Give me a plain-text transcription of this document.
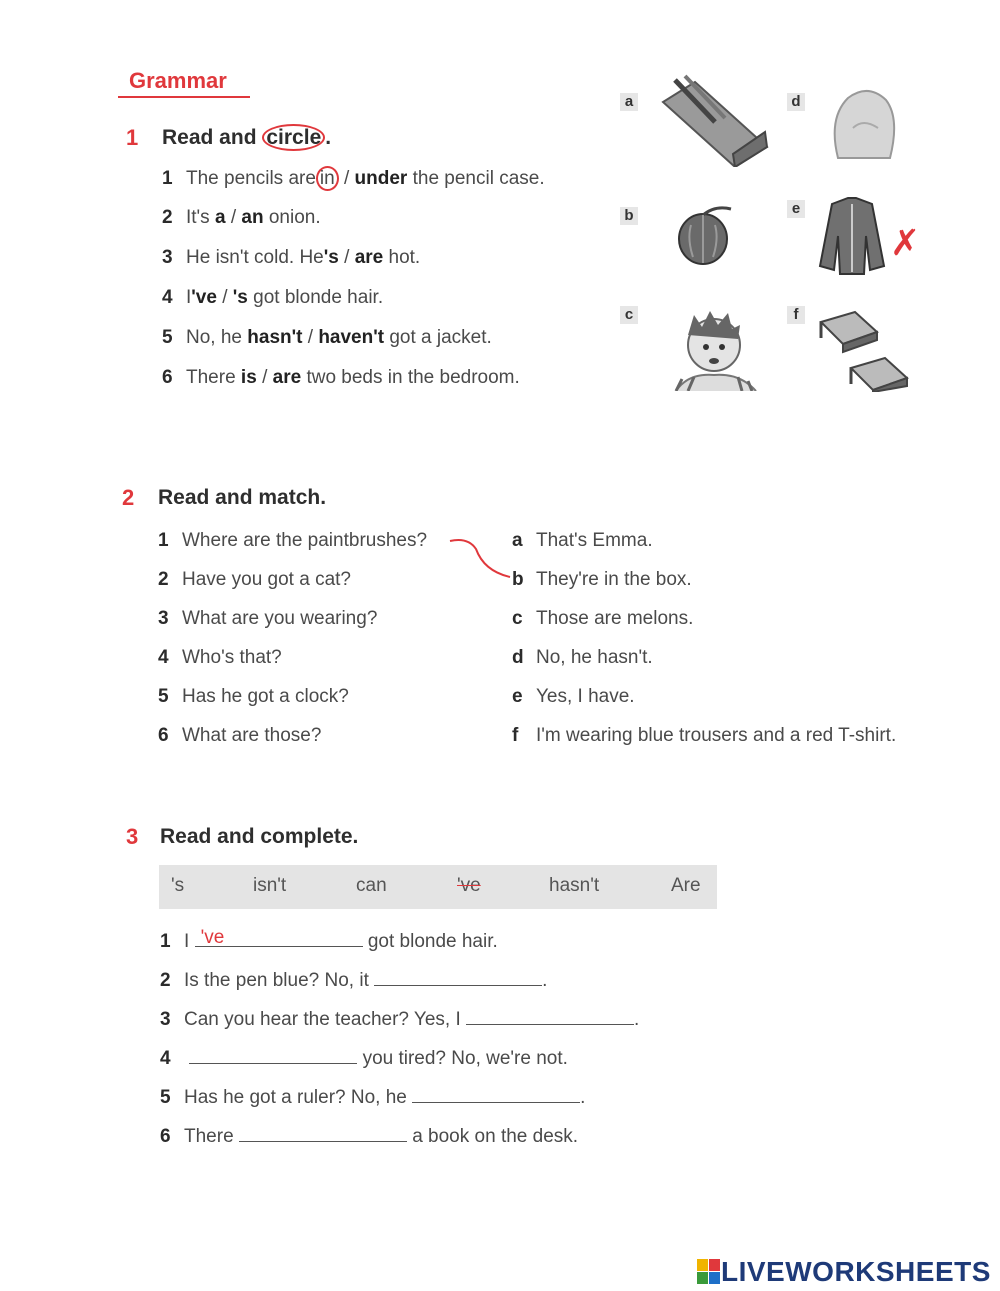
Grammar
1 Read and circle .
1 The pencils are in / under the pencil case.
2 It's a / an onion.
3 He isn't cold. He's / are hot.
4 I've / 's got blonde hair.
5 No, he hasn't / haven't got a jacket.
6 There is / are two beds in the bedroom.
a	d
b	e
✗
c	f
2 Read and match.
1 Where are the paintbrushes?
2 Have you got a cat?
3 What are you wearing?
4 Who's that?
5 Has he got a clock?
6 What are those?
a That's Emma.
b They're in the box.
c Those are melons.
d No, he hasn't.
e Yes, I have.
f I'm wearing blue trousers and a red T-shirt.
3 Read and complete.
's	isn't	can	've	hasn't	Are
1 I 've	got blonde hair.
2 Is the pen blue? No, it	.
3 Can you hear the teacher? Yes, I	.
4	you tired? No, we're not.
5 Has he got a ruler? No, he	.
6 There	a book on the desk.
LIVEWORKSHEETS
